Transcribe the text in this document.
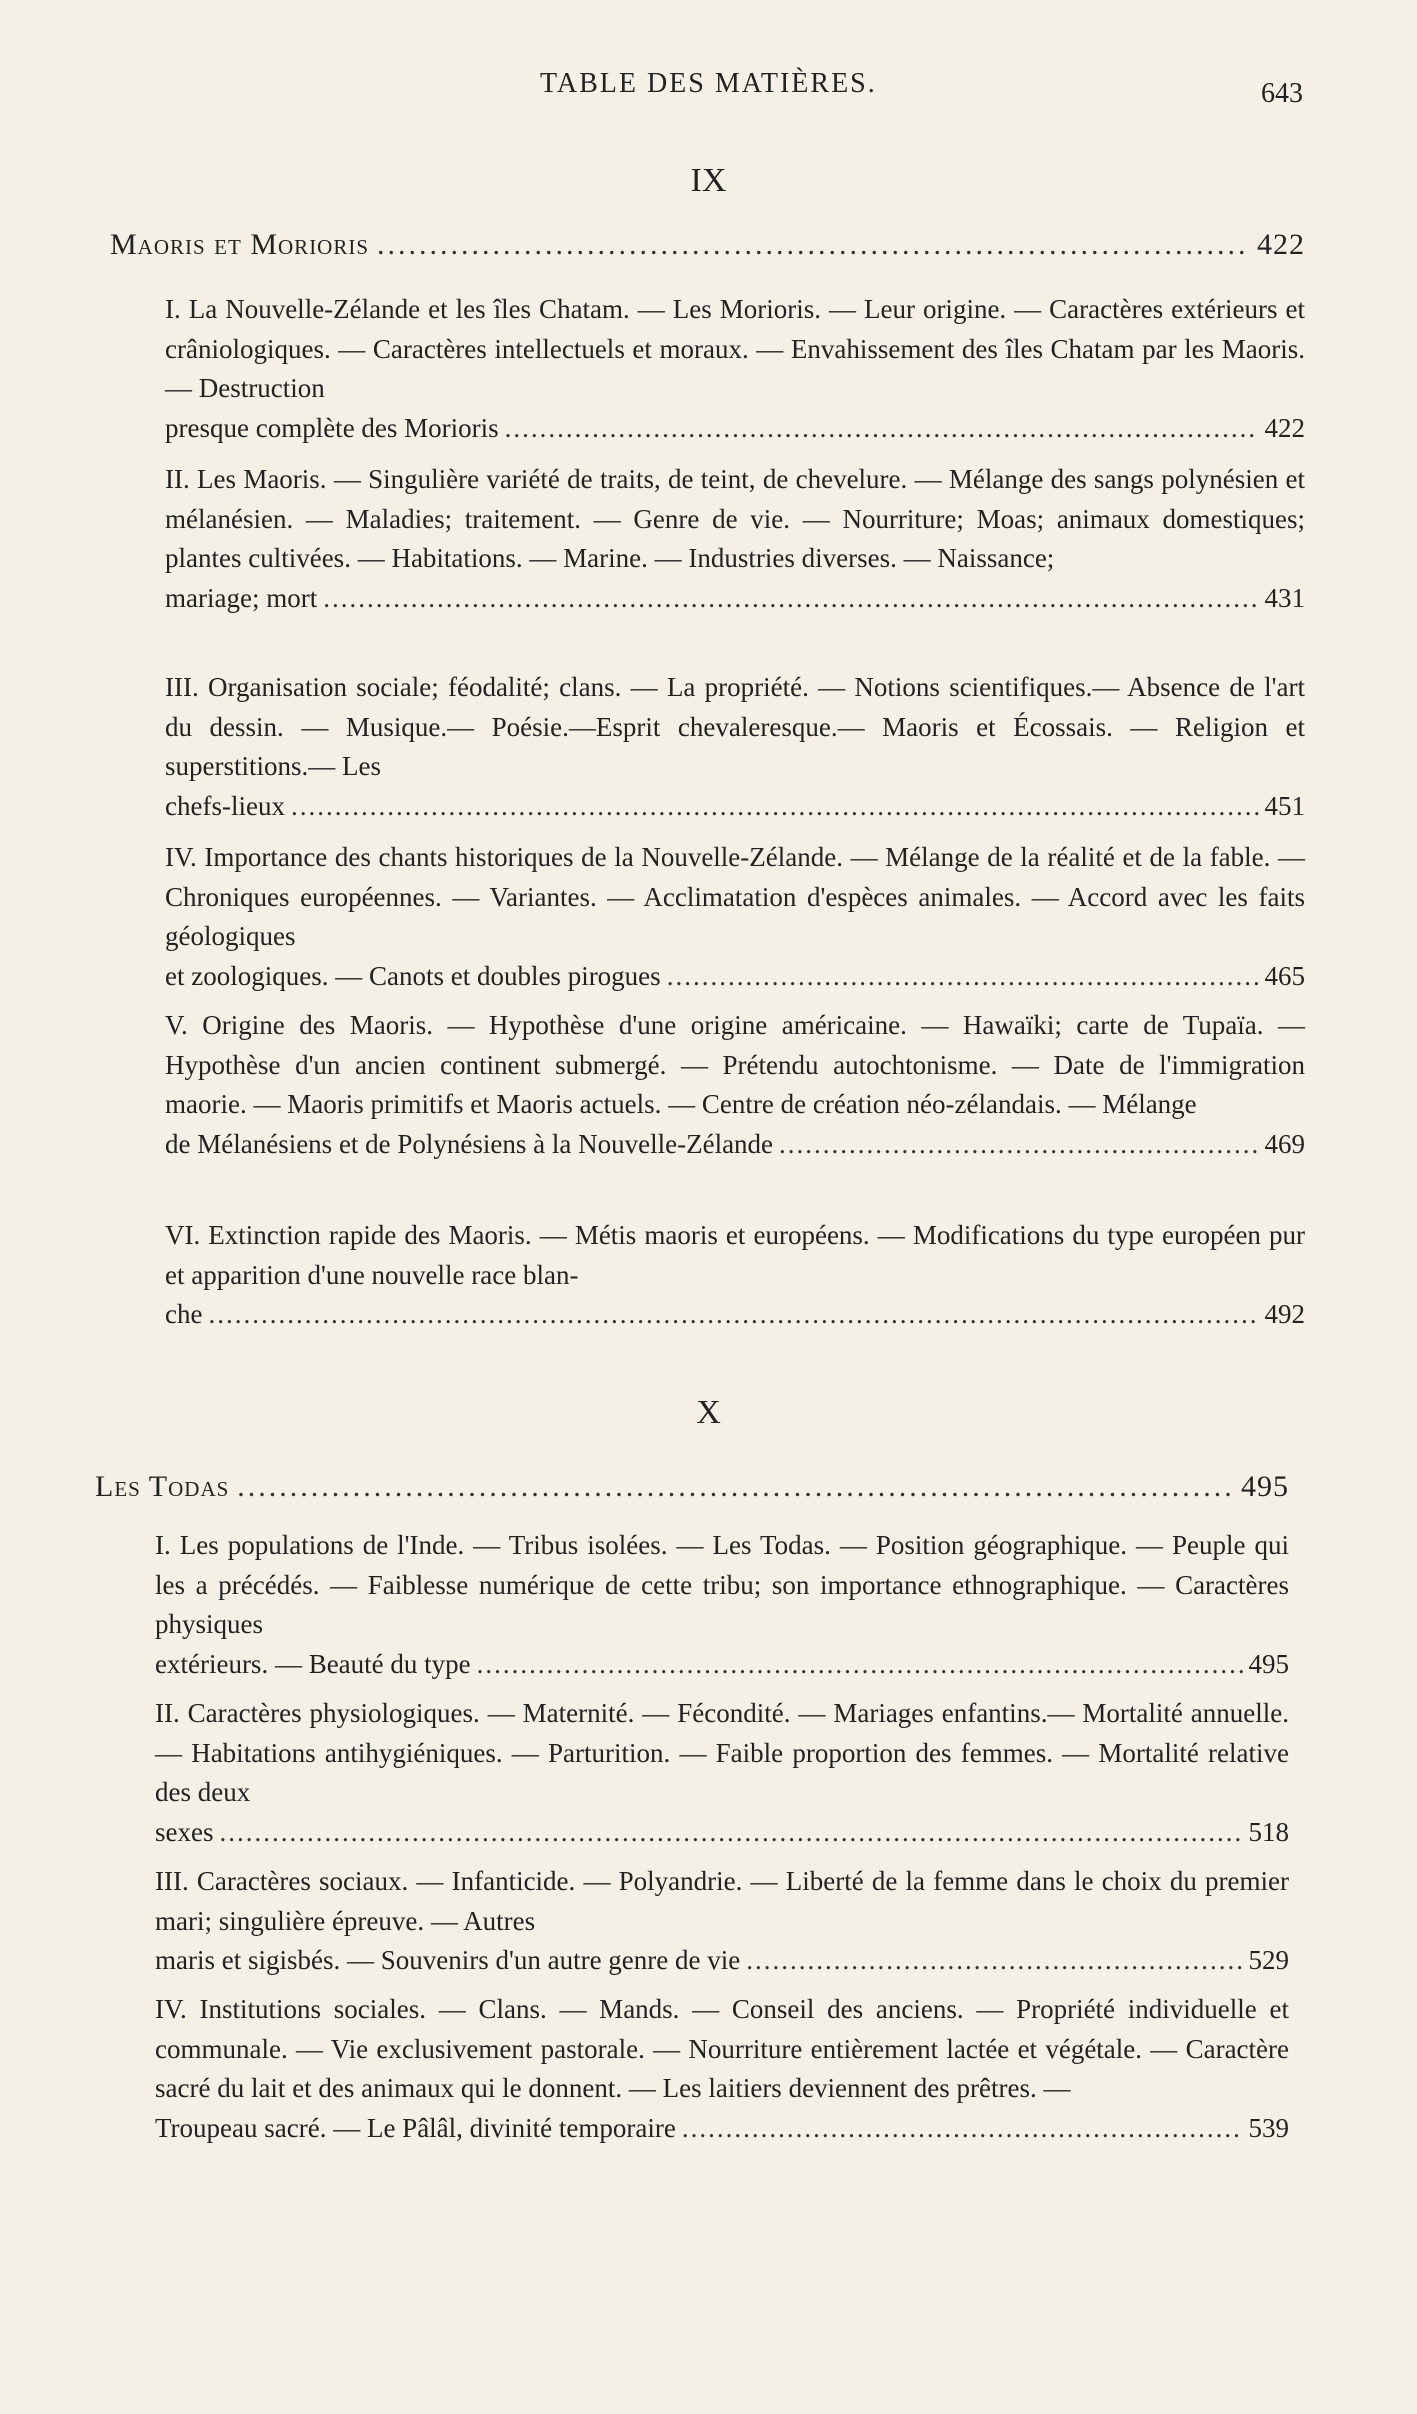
TABLE DES MATIÈRES.	643
IX
Maoris et Morioris .....	422

I. La Nouvelle-Zélande et les îles Chatam. — Les Morioris. — Leur origine. — Caractères extérieurs et crâniologiques. — Caractères intellectuels et moraux. — Envahissement des îles Chatam par les Maoris. — Destruction

presque complète des Morioris .....	422

II. Les Maoris. — Singulière variété de traits, de teint, de chevelure. — Mélange des sangs polynésien et mélanésien. — Maladies; traitement. — Genre de vie. — Nourriture; Moas; animaux domestiques; plantes cultivées. — Habitations. — Marine. — Industries diverses. — Naissance;

mariage; mort .....	431

III. Organisation sociale; féodalité; clans. — La propriété. — Notions scientifiques.— Absence de l'art du dessin. — Musique.— Poésie.—Esprit chevaleresque.— Maoris et Écossais. — Religion et superstitions.— Les

chefs-lieux .....	451

IV. Importance des chants historiques de la Nouvelle-Zélande. — Mélange de la réalité et de la fable. — Chroniques européennes. — Variantes. — Acclimatation d'espèces animales. — Accord avec les faits géologiques

et zoologiques. — Canots et doubles pirogues .....	465

V. Origine des Maoris. — Hypothèse d'une origine américaine. — Hawaïki; carte de Tupaïa. — Hypothèse d'un ancien continent submergé. — Prétendu autochtonisme. — Date de l'immigration maorie. — Maoris primitifs et Maoris actuels. — Centre de création néo-zélandais. — Mélange

de Mélanésiens et de Polynésiens à la Nouvelle-Zélande .....	469

VI. Extinction rapide des Maoris. — Métis maoris et européens. — Modifications du type européen pur et apparition d'une nouvelle race blan-

che .....	492
X
Les Todas .....	495

I. Les populations de l'Inde. — Tribus isolées. — Les Todas. — Position géographique. — Peuple qui les a précédés. — Faiblesse numérique de cette tribu; son importance ethnographique. — Caractères physiques

extérieurs. — Beauté du type .....	495

II. Caractères physiologiques. — Maternité. — Fécondité. — Mariages enfantins.— Mortalité annuelle. — Habitations antihygiéniques. — Parturition. — Faible proportion des femmes. — Mortalité relative des deux

sexes .....	518

III. Caractères sociaux. — Infanticide. — Polyandrie. — Liberté de la femme dans le choix du premier mari; singulière épreuve. — Autres

maris et sigisbés. — Souvenirs d'un autre genre de vie .....	529

IV. Institutions sociales. — Clans. — Mands. — Conseil des anciens. — Propriété individuelle et communale. — Vie exclusivement pastorale. — Nourriture entièrement lactée et végétale. — Caractère sacré du lait et des animaux qui le donnent. — Les laitiers deviennent des prêtres. —

Troupeau sacré. — Le Pâlâl, divinité temporaire .....	539
